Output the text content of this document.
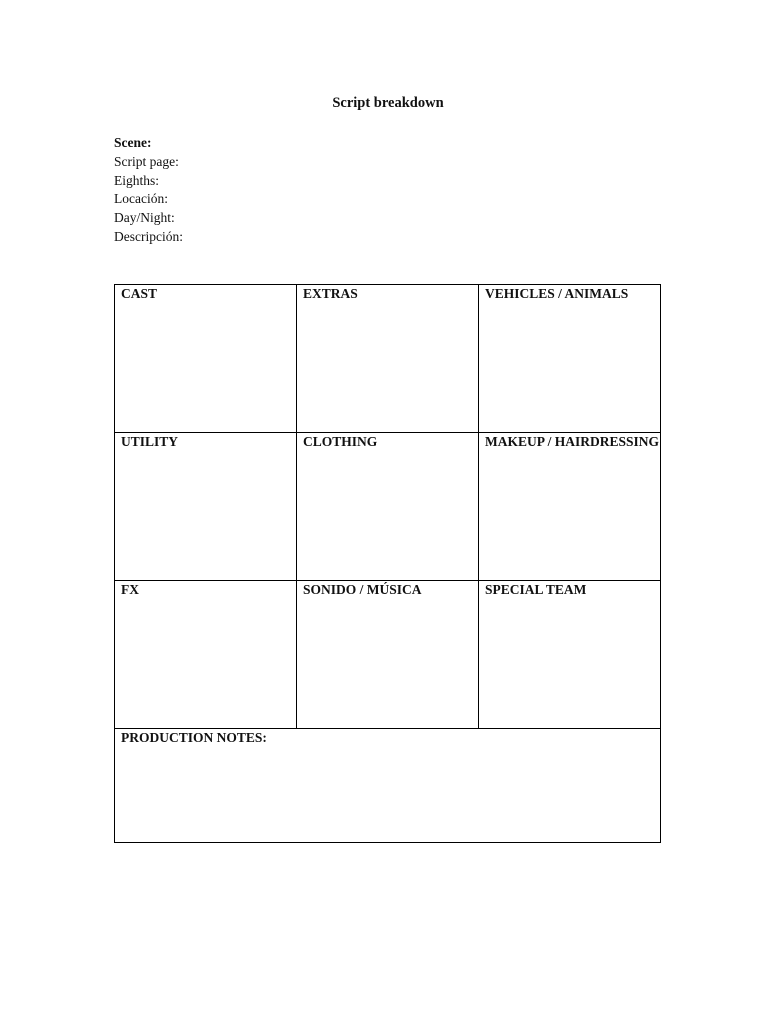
Script breakdown
Scene:
Script page:
Eighths:
Locación:
Day/Night:
Descripción:
CAST	EXTRAS	VEHICLES / ANIMALS
UTILITY	CLOTHING	MAKEUP / HAIRDRESSING
FX	SONIDO / MÚSICA	SPECIAL TEAM
PRODUCTION NOTES:
